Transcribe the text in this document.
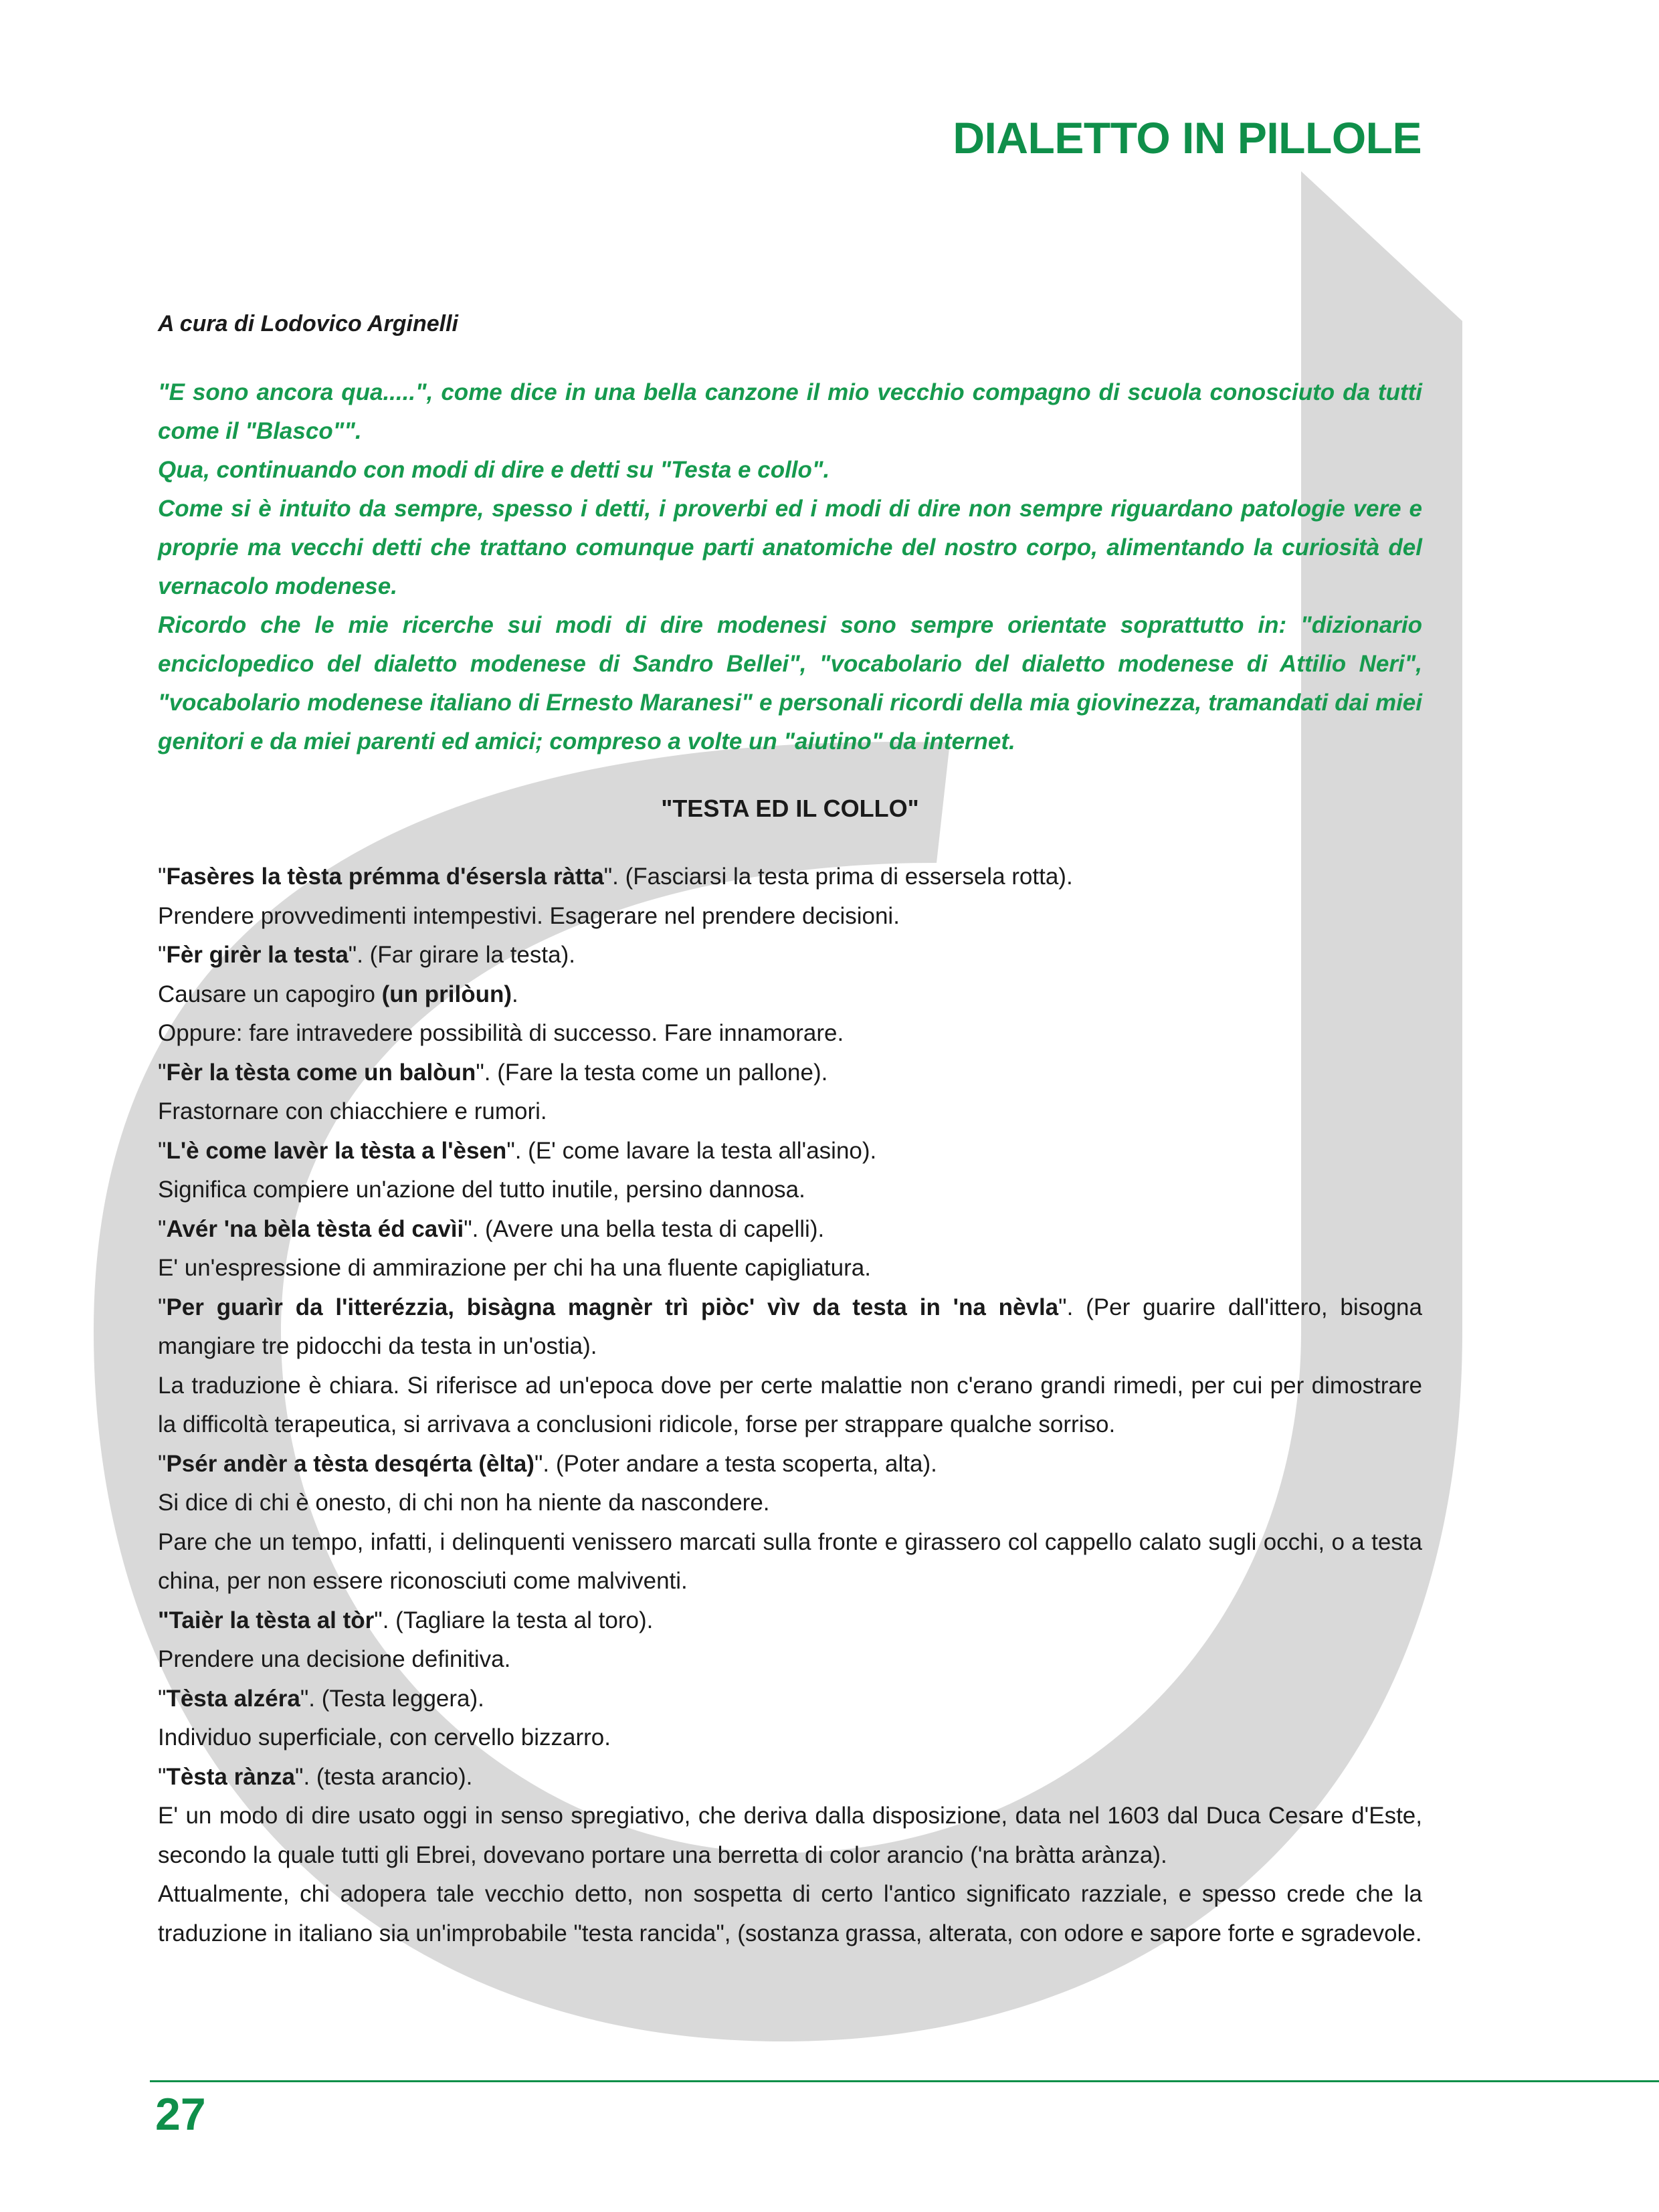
DIALETTO IN PILLOLE
A cura di Lodovico Arginelli

"E sono ancora qua.....", come dice in una bella canzone il mio vecchio compagno di scuola conosciuto da tutti come il "Blasco"".

Qua, continuando con modi di dire e detti su "Testa e collo".

Come si è intuito da sempre, spesso i detti, i proverbi ed i modi di dire non sempre riguardano patologie vere e proprie ma vecchi detti che trattano comunque parti anatomiche del nostro corpo, alimentando la curiosità del vernacolo modenese.

Ricordo che le mie ricerche sui modi di dire modenesi sono sempre orientate soprattutto in: "dizionario enciclopedico del dialetto modenese di Sandro Bellei", "vocabolario del dialetto modenese di Attilio Neri", "vocabolario modenese italiano di Ernesto Maranesi" e personali ricordi della mia giovinezza, tramandati dai miei genitori e da miei parenti ed amici; compreso a volte un "aiutino" da internet.

"TESTA ED IL COLLO"

"Fasères la tèsta prémma d'ésersla ràtta". (Fasciarsi la testa prima di essersela rotta).

Prendere provvedimenti intempestivi. Esagerare nel prendere decisioni.

"Fèr girèr la testa". (Far girare la testa).

Causare un capogiro (un prilòun).

Oppure: fare intravedere possibilità di successo. Fare innamorare.

"Fèr la tèsta come un balòun". (Fare la testa come un pallone).

Frastornare con chiacchiere e rumori.

"L'è come lavèr la tèsta a l'èsen". (E' come lavare la testa all'asino).

Significa compiere un'azione del tutto inutile, persino dannosa.

"Avér 'na bèla tèsta éd cavìi". (Avere una bella testa di capelli).

E' un'espressione di ammirazione per chi ha una fluente capigliatura.

"Per guarìr da l'itterézzia, bisàgna magnèr trì piòc' vìv da testa in 'na nèvla". (Per guarire dall'ittero, bisogna mangiare tre pidocchi da testa in un'ostia).

La traduzione è chiara. Si riferisce ad un'epoca dove per certe malattie non c'erano grandi rimedi, per cui per dimostrare la difficoltà terapeutica, si arrivava a conclusioni ridicole, forse per strappare qualche sorriso.

"Psér andèr a tèsta desqérta (èlta)". (Poter andare a testa scoperta, alta).

Si dice di chi è onesto, di chi non ha niente da nascondere.

Pare che un tempo, infatti, i delinquenti venissero marcati sulla fronte e girassero col cappello calato sugli occhi, o a testa china, per non essere riconosciuti come malviventi.

"Taièr la tèsta al tòr". (Tagliare la testa al toro).

Prendere una decisione definitiva.

"Tèsta alzéra". (Testa leggera).

Individuo superficiale, con cervello bizzarro.

"Tèsta rànza". (testa arancio).

E' un modo di dire usato oggi in senso spregiativo, che deriva dalla disposizione, data nel 1603 dal Duca Cesare d'Este, secondo la quale tutti gli Ebrei, dovevano portare una berretta di color arancio ('na bràtta arànza).

Attualmente, chi adopera tale vecchio detto, non sospetta di certo l'antico significato razziale, e spesso crede che la traduzione in italiano sia un'improbabile "testa rancida", (sostanza grassa, alterata, con odore e sapore forte e sgradevole.

27
